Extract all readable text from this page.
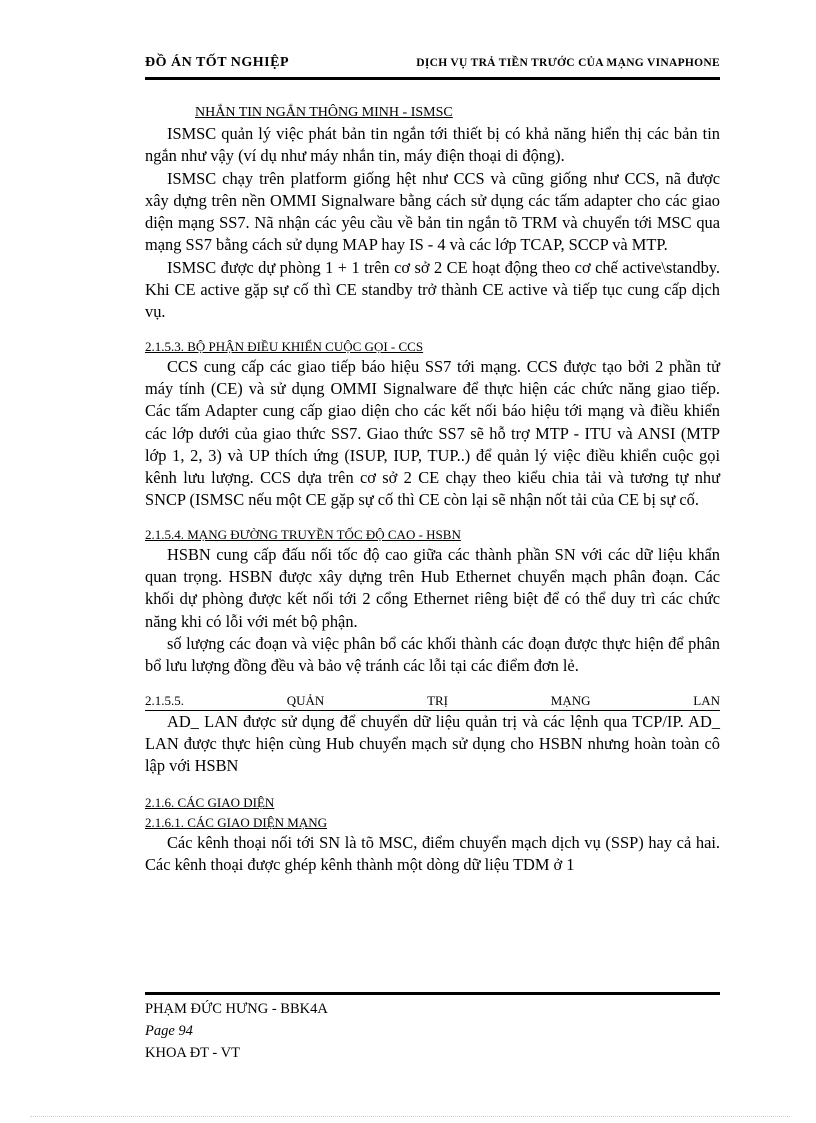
ĐỒ ÁN TỐT NGHIỆP	DỊCH VỤ TRẢ TIỀN TRƯỚC CỦA MẠNG VINAPHONE
NHẮN TIN NGẮN THÔNG MINH - ISMSC

ISMSC quản lý việc phát bản tin ngắn tới thiết bị có khả năng hiển thị các bản tin ngắn như vậy (ví dụ như máy nhắn tin, máy điện thoại di động).

ISMSC chạy trên platform giống hệt như CCS và cũng giống như CCS, nã được xây dựng trên nền OMMI Signalware bằng cách sử dụng các tấm adapter cho các giao diện mạng SS7. Nã nhận các yêu cầu về bản tin ngắn tõ TRM và chuyển tới MSC qua mạng SS7 bằng cách sử dụng MAP hay IS - 4 và các lớp TCAP, SCCP và MTP.

ISMSC được dự phòng 1 + 1 trên cơ sở 2 CE hoạt động theo cơ chế active\standby. Khi CE active gặp sự cố thì CE standby trở thành CE active và tiếp tục cung cấp dịch vụ.

2.1.5.3. BỘ PHẬN ĐIỀU KHIỂN CUỘC GỌI - CCS

CCS cung cấp các giao tiếp báo hiệu SS7 tới mạng. CCS được tạo bởi 2 phần tử máy tính (CE) và sử dụng OMMI Signalware để thực hiện các chức năng giao tiếp. Các tấm Adapter cung cấp giao diện cho các kết nối báo hiệu tới mạng và điều khiển các lớp dưới của giao thức SS7. Giao thức SS7 sẽ hỗ trợ MTP - ITU và ANSI (MTP lớp 1, 2, 3) và UP thích ứng (ISUP, IUP, TUP..) để quản lý việc điều khiển cuộc gọi kênh lưu lượng. CCS dựa trên cơ sở 2 CE chạy theo kiểu chia tải và tương tự như SNCP (ISMSC nếu một CE gặp sự cố thì CE còn lại sẽ nhận nốt tải của CE bị sự cố.

2.1.5.4. MẠNG ĐƯỜNG TRUYỀN TỐC ĐỘ CAO - HSBN

HSBN cung cấp đấu nối tốc độ cao giữa các thành phần SN với các dữ liệu khẩn quan trọng. HSBN được xây dựng trên Hub Ethernet chuyển mạch phân đoạn. Các khối dự phòng được kết nối tới 2 cổng Ethernet riêng biệt để có thể duy trì các chức năng khi có lỗi với mét bộ phận.

số lượng các đoạn và việc phân bổ các khối thành các đoạn được thực hiện để phân bổ lưu lượng đồng đều và bảo vệ tránh các lỗi tại các điểm đơn lẻ.

2.1.5.5.	QUẢN	TRỊ	MẠNG	LAN

AD_ LAN được sử dụng để chuyển dữ liệu quản trị và các lệnh qua TCP/IP. AD_ LAN được thực hiện cùng Hub chuyển mạch sử dụng cho HSBN nhưng hoàn toàn cô lập với HSBN

2.1.6. CÁC GIAO DIỆN
2.1.6.1. CÁC GIAO DIỆN MẠNG

Các kênh thoại nối tới SN là tõ MSC, điểm chuyển mạch dịch vụ (SSP) hay cả hai. Các kênh thoại được ghép kênh thành một dòng dữ liệu TDM ở 1

PHẠM ĐỨC HƯNG - BBK4A
Page 94
KHOA ĐT - VT
